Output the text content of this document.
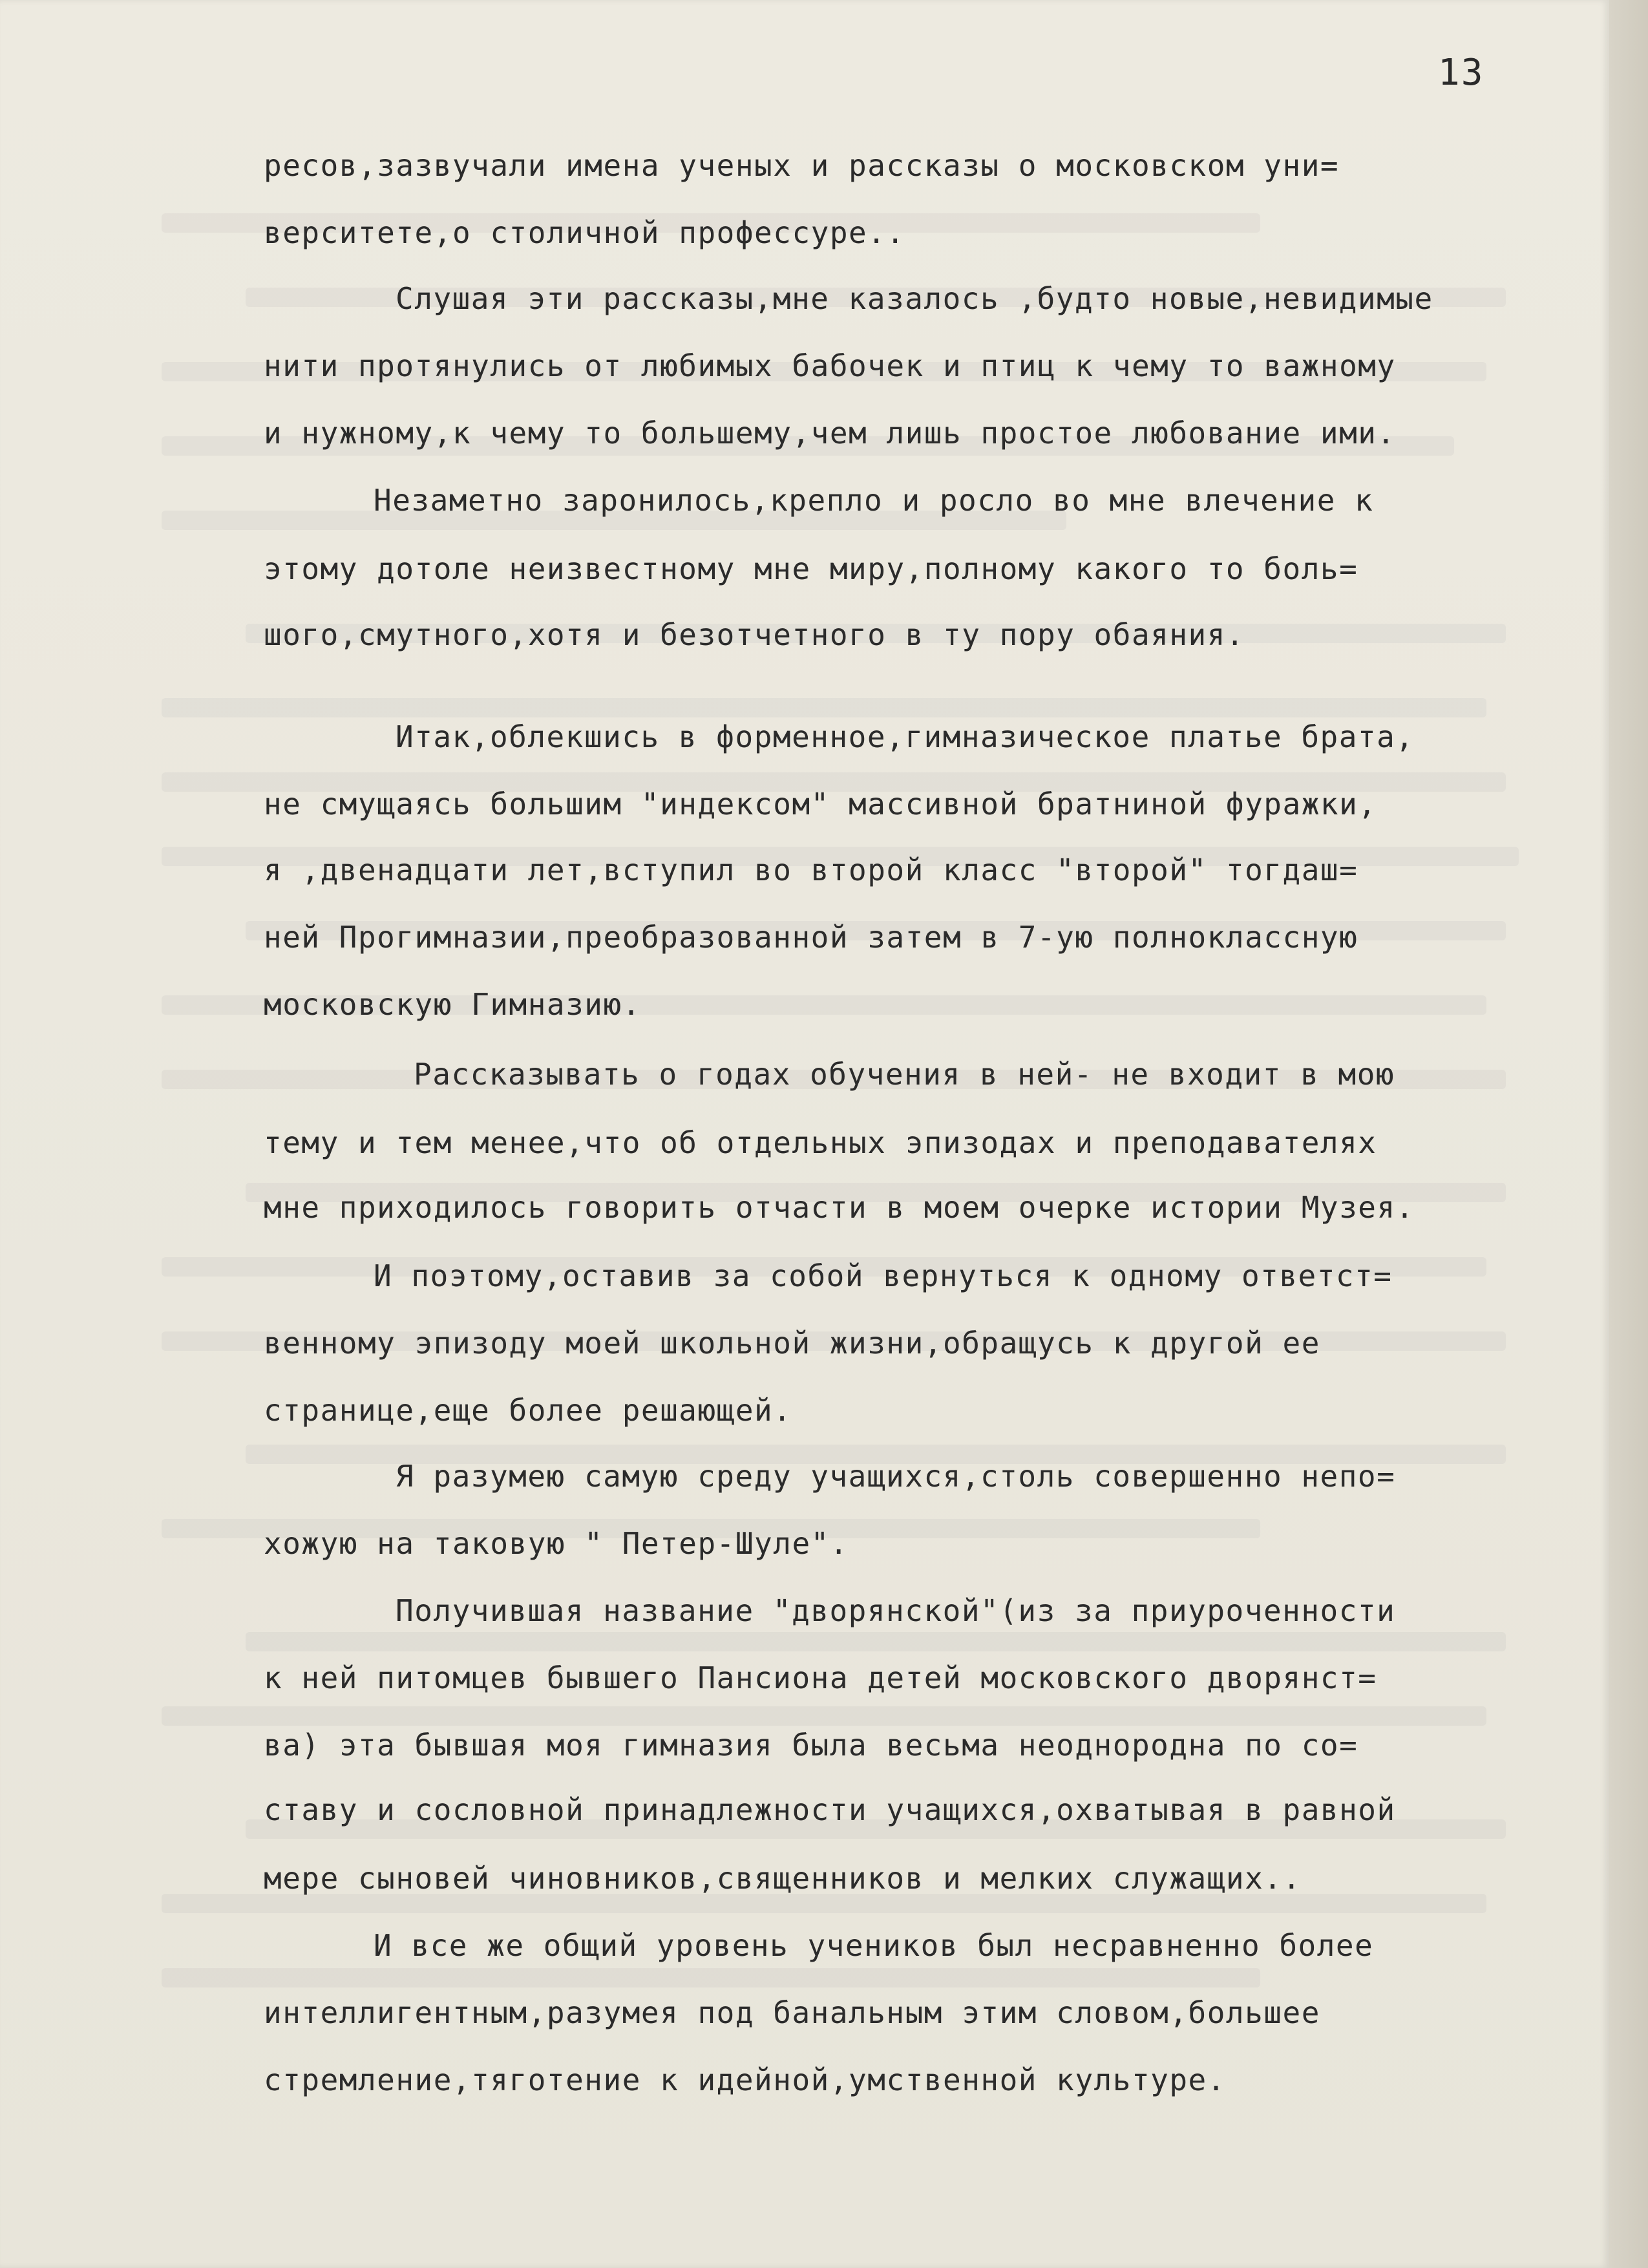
13
ресов,зазвучали имена ученых и рассказы о московском уни=
верситете,о столичной профессуре..
Слушая эти рассказы,мне казалось ,будто новые,невидимые
нити протянулись от любимых бабочек и птиц к чему то важному
и нужному,к чему то большему,чем лишь простое любование ими.
Незаметно заронилось,крепло и росло во мне влечение к
этому дотоле неизвестному мне миру,полному какого то боль=
шого,смутного,хотя и безотчетного в ту пору обаяния.
Итак,облекшись в форменное,гимназическое платье брата,
не смущаясь большим "индексом" массивной братниной фуражки,
я ,двенадцати лет,вступил во второй класс "второй" тогдаш=
ней Прогимназии,преобразованной затем в 7-ую полноклассную
московскую Гимназию.
Рассказывать о годах обучения в ней- не входит в мою
тему и тем менее,что об отдельных эпизодах и преподавателях
мне приходилось говорить отчасти в моем очерке истории Музея.
И поэтому,оставив за собой вернуться к одному ответст=
венному эпизоду моей школьной жизни,обращусь к другой ее
странице,еще более решающей.
Я разумею самую среду учащихся,столь совершенно непо=
хожую на таковую " Петер-Шуле".
Получившая название "дворянской"(из за приуроченности
к ней питомцев бывшего Пансиона детей московского дворянст=
ва) эта бывшая моя гимназия была весьма неоднородна по со=
ставу и сословной принадлежности учащихся,охватывая в равной
мере сыновей чиновников,священников и мелких служащих..
И все же общий уровень учеников был несравненно более
интеллигентным,разумея под банальным этим словом,большее
стремление,тяготение к идейной,умственной культуре.
